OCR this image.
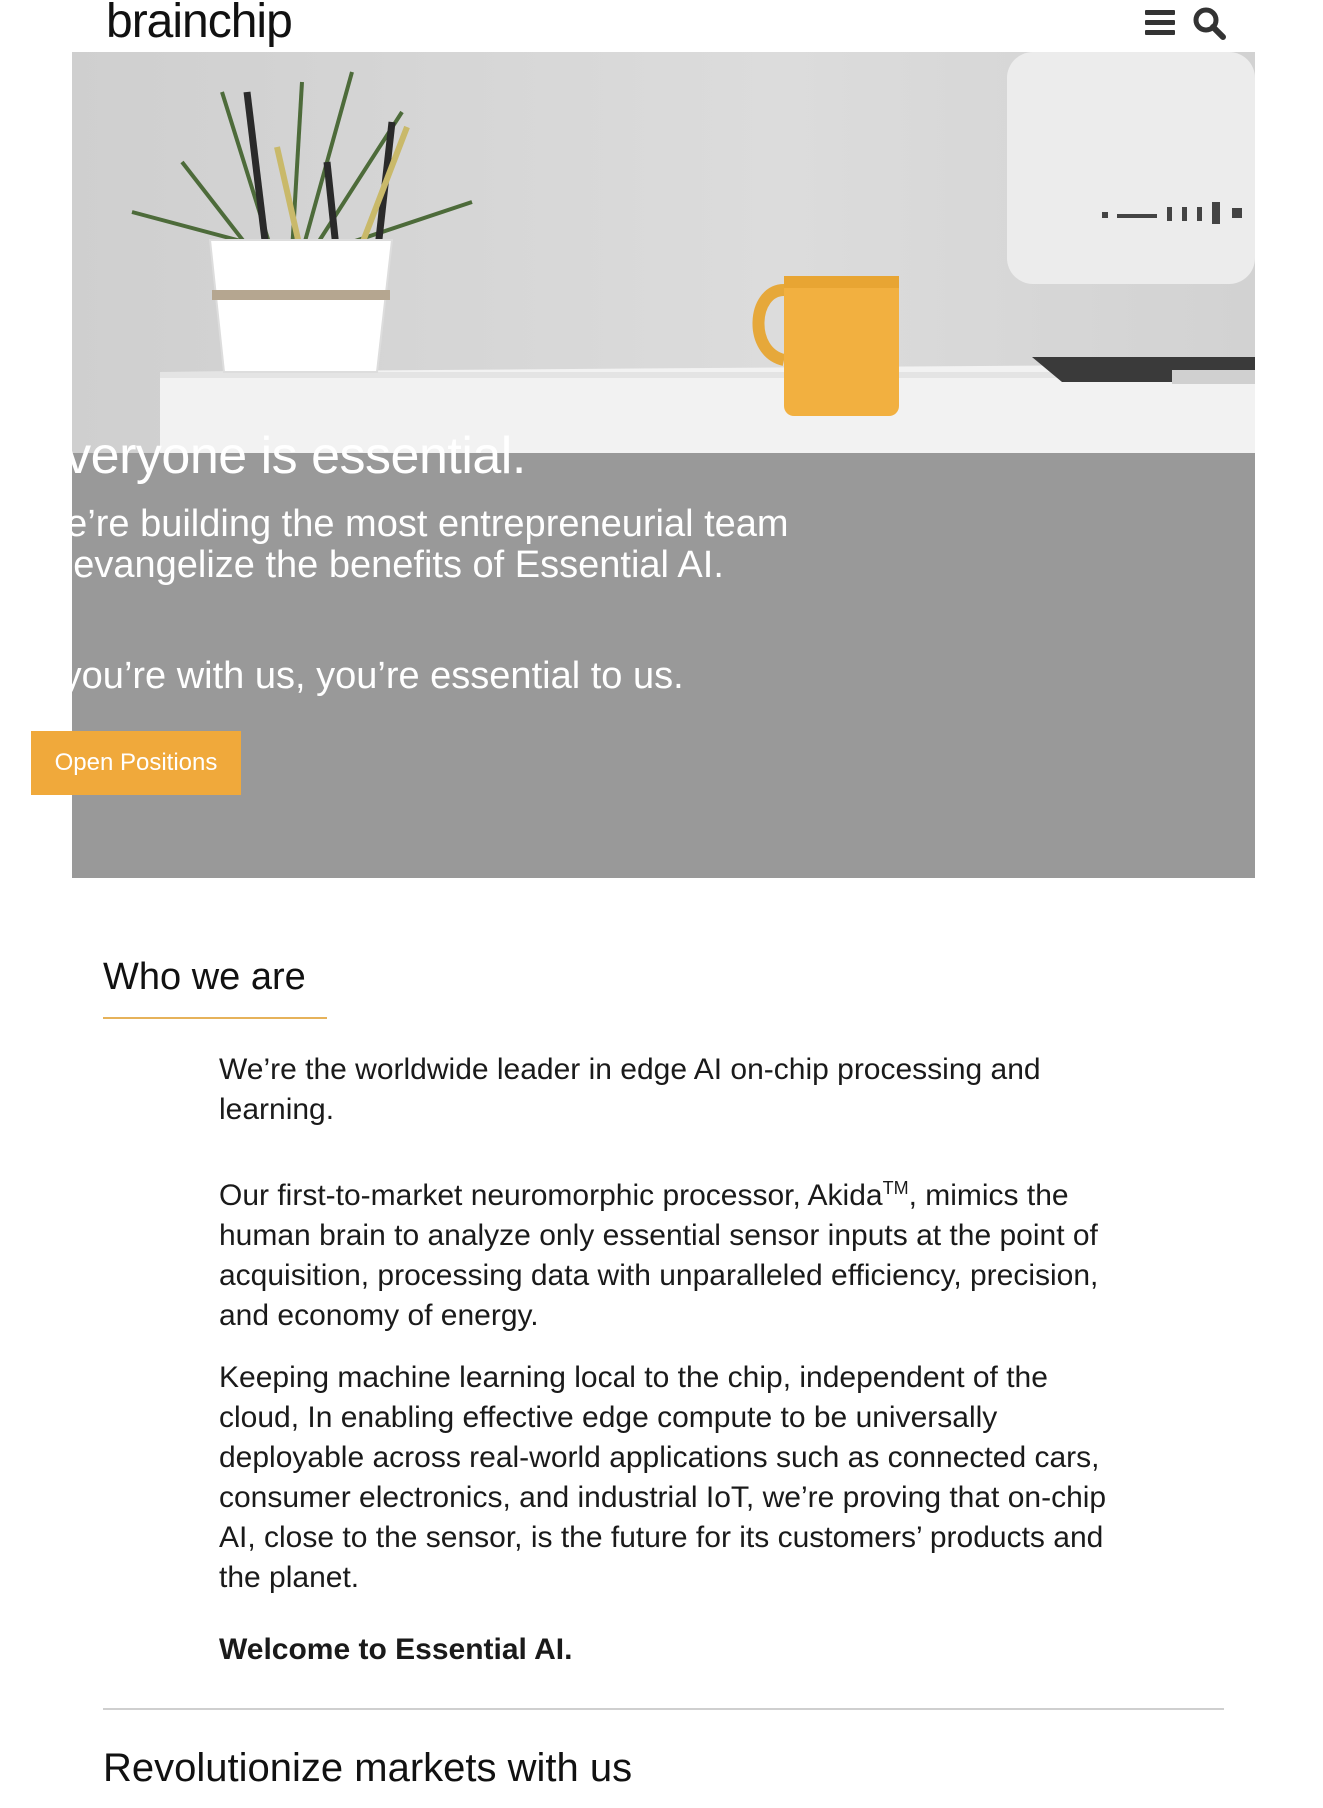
brainchip
Everyone is essential.

We’re building the most entrepreneurial team to evangelize the benefits of Essential AI.

If you’re with us, you’re essential to us.

Open Positions
Who we are

We’re the worldwide leader in edge AI on-chip processing and learning.

Our first-to-market neuromorphic processor, Akida™, mimics the human brain to analyze only essential sensor inputs at the point of acquisition, processing data with unparalleled efficiency, precision, and economy of energy.

Keeping machine learning local to the chip, independent of the cloud, In enabling effective edge compute to be universally deployable across real-world applications such as connected cars, consumer electronics, and industrial IoT, we’re proving that on-chip AI, close to the sensor, is the future for its customers’ products and the planet.

Welcome to Essential AI.

Revolutionize markets with us
